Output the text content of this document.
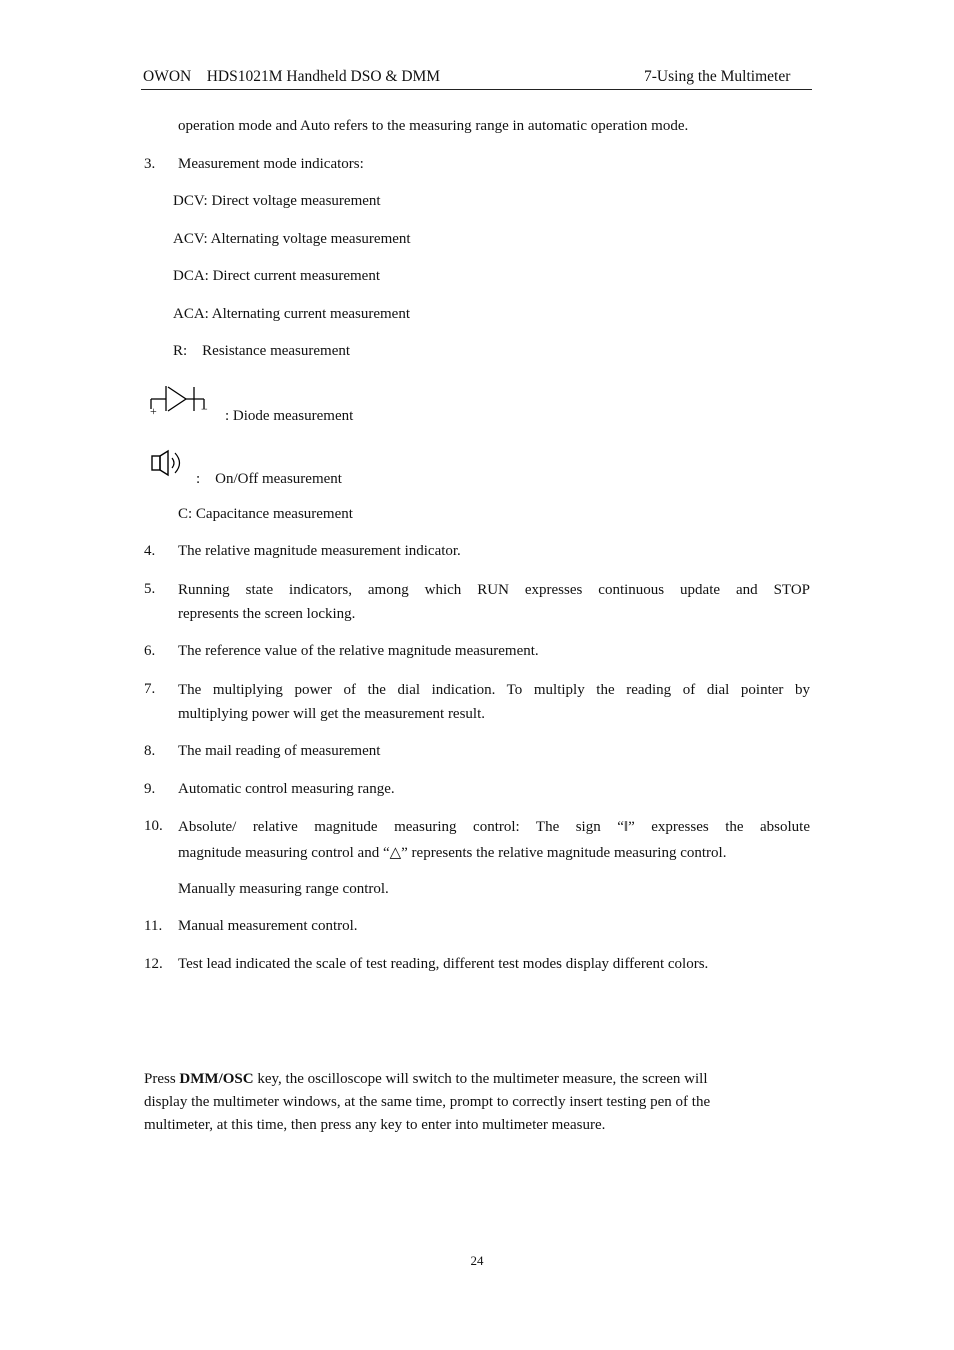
OWON    HDS1021M Handheld DSO & DMM	7-Using the Multimeter
operation mode and Auto refers to the measuring range in automatic operation mode.
3. Measurement mode indicators:
DCV: Direct voltage measurement
ACV: Alternating voltage measurement
DCA: Direct current measurement
ACA: Alternating current measurement
R:    Resistance measurement
+	− : Diode measurement
:    On/Off measurement
C: Capacitance measurement
4. The relative magnitude measurement indicator.
5. Running state indicators, among which RUN expresses continuous update and STOP
represents the screen locking.
6. The reference value of the relative magnitude measurement.
7. The multiplying power of the dial indication. To multiply the reading of dial pointer by
multiplying power will get the measurement result.
8. The mail reading of measurement
9. Automatic control measuring range.
10. Absolute/ relative magnitude measuring control: The sign “‖” expresses the absolute
magnitude measuring control and “△” represents the relative magnitude measuring control.
Manually measuring range control.
11. Manual measurement control.
12. Test lead indicated the scale of test reading, different test modes display different colors.
Press DMM/OSC key, the oscilloscope will switch to the multimeter measure, the screen will
display the multimeter windows, at the same time, prompt to correctly insert testing pen of the
multimeter, at this time, then press any key to enter into multimeter measure.
24
